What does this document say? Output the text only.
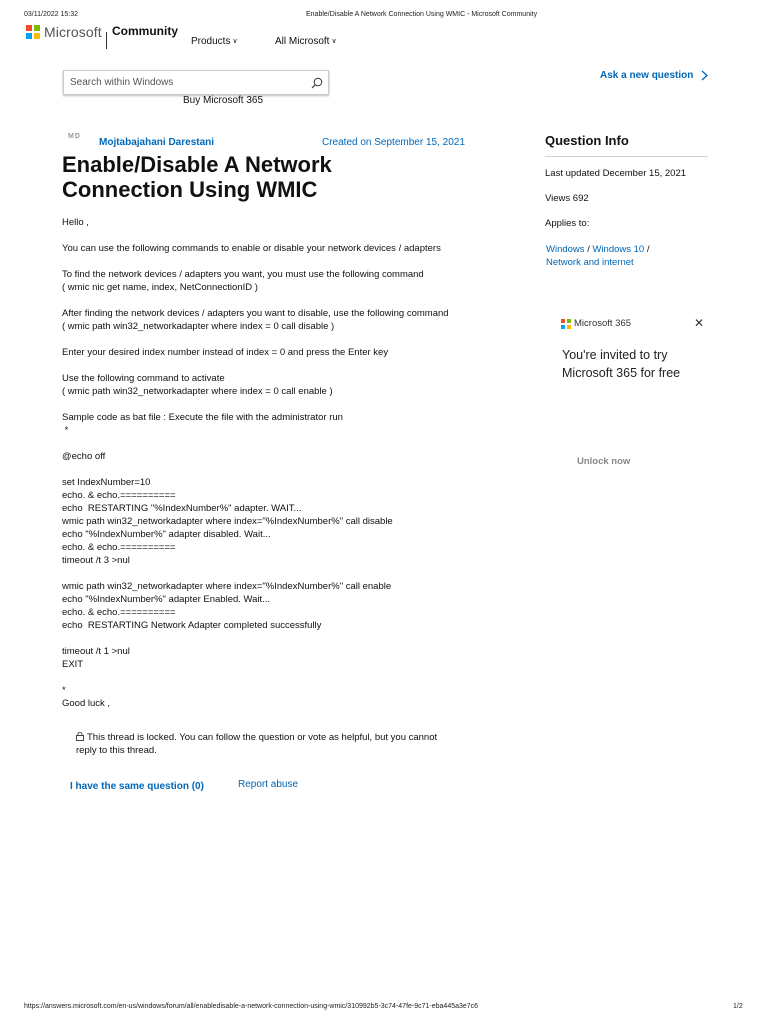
03/11/2022 15:32	Enable/Disable A Network Connection Using WMIC - Microsoft Community
https://answers.microsoft.com/en-us/windows/forum/all/enabledisable-a-network-connection-using-wmic/310992b5-3c74-47fe-9c71-eba445a3e7c6	1/2
Microsoft Community
Products ∨	All Microsoft ∨
Search within Windows
Buy Microsoft 365
Ask a new question
MD
Mojtabajahani Darestani	Created on September 15, 2021
Enable/Disable A Network Connection Using WMIC

Hello ,

You can use the following commands to enable or disable your network devices / adapters

To find the network devices / adapters you want, you must use the following command

( wmic nic get name, index, NetConnectionID )

After finding the network devices / adapters you want to disable, use the following command

( wmic path win32_networkadapter where index = 0 call disable )

Enter your desired index number instead of index = 0 and press the Enter key

Use the following command to activate

( wmic path win32_networkadapter where index = 0 call enable )

Sample code as bat file : Execute the file with the administrator run

*

@echo off

set IndexNumber=10

echo. & echo.==========

echo  RESTARTING "%IndexNumber%" adapter. WAIT...

wmic path win32_networkadapter where index="%IndexNumber%" call disable

echo "%IndexNumber%" adapter disabled. Wait...

echo. & echo.==========

timeout /t 3 >nul

wmic path win32_networkadapter where index="%IndexNumber%" call enable

echo "%IndexNumber%" adapter Enabled. Wait...

echo. & echo.==========

echo  RESTARTING Network Adapter completed successfully

timeout /t 1 >nul

EXIT

*

Good luck ,

This thread is locked. You can follow the question or vote as helpful, but you cannot reply to this thread.
I have the same question (0)	Report abuse
Question Info
Last updated December 15, 2021
Views 692
Applies to:
Windows / Windows 10 /
Network and internet
Microsoft 365	✕
You're invited to try Microsoft 365 for free
Unlock now
